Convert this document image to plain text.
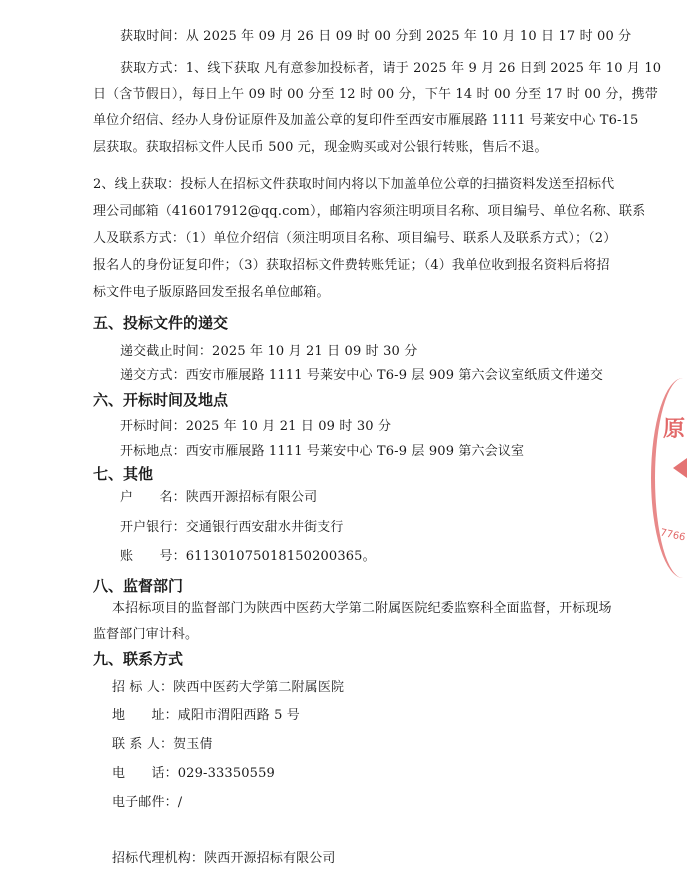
获取时间：从 2025 年 09 月 26 日 09 时 00 分到 2025 年 10 月 10 日 17 时 00 分
获取方式：1、线下获取 凡有意参加投标者，请于 2025 年 9 月 26 日到 2025 年 10 月 10
日（含节假日），每日上午 09 时 00 分至 12 时 00 分，下午 14 时 00 分至 17 时 00 分，携带
单位介绍信、经办人身份证原件及加盖公章的复印件至西安市雁展路 1111 号莱安中心 T6-15
层获取。获取招标文件人民币 500 元，现金购买或对公银行转账，售后不退。
2、线上获取：投标人在招标文件获取时间内将以下加盖单位公章的扫描资料发送至招标代
理公司邮箱（416017912@qq.com），邮箱内容须注明项目名称、项目编号、单位名称、联系
人及联系方式：（1）单位介绍信（须注明项目名称、项目编号、联系人及联系方式）；（2）
报名人的身份证复印件；（3）获取招标文件费转账凭证；（4）我单位收到报名资料后将招
标文件电子版原路回发至报名单位邮箱。
五、投标文件的递交
递交截止时间：2025 年 10 月 21 日 09 时 30 分
递交方式：西安市雁展路 1111 号莱安中心 T6-9 层 909 第六会议室纸质文件递交
六、开标时间及地点
开标时间：2025 年 10 月 21 日 09 时 30 分
开标地点：西安市雁展路 1111 号莱安中心 T6-9 层 909 第六会议室
七、其他
户　　名：陕西开源招标有限公司
开户银行：交通银行西安甜水井街支行
账　　号：611301075018150200365。
八、监督部门
本招标项目的监督部门为陕西中医药大学第二附属医院纪委监察科全面监督，开标现场
监督部门审计科。
九、联系方式
招 标 人：陕西中医药大学第二附属医院
地　　址：咸阳市渭阳西路 5 号
联 系 人：贺玉倩
电　　话：029-33350559
电子邮件：/
招标代理机构：陕西开源招标有限公司
原
7766
